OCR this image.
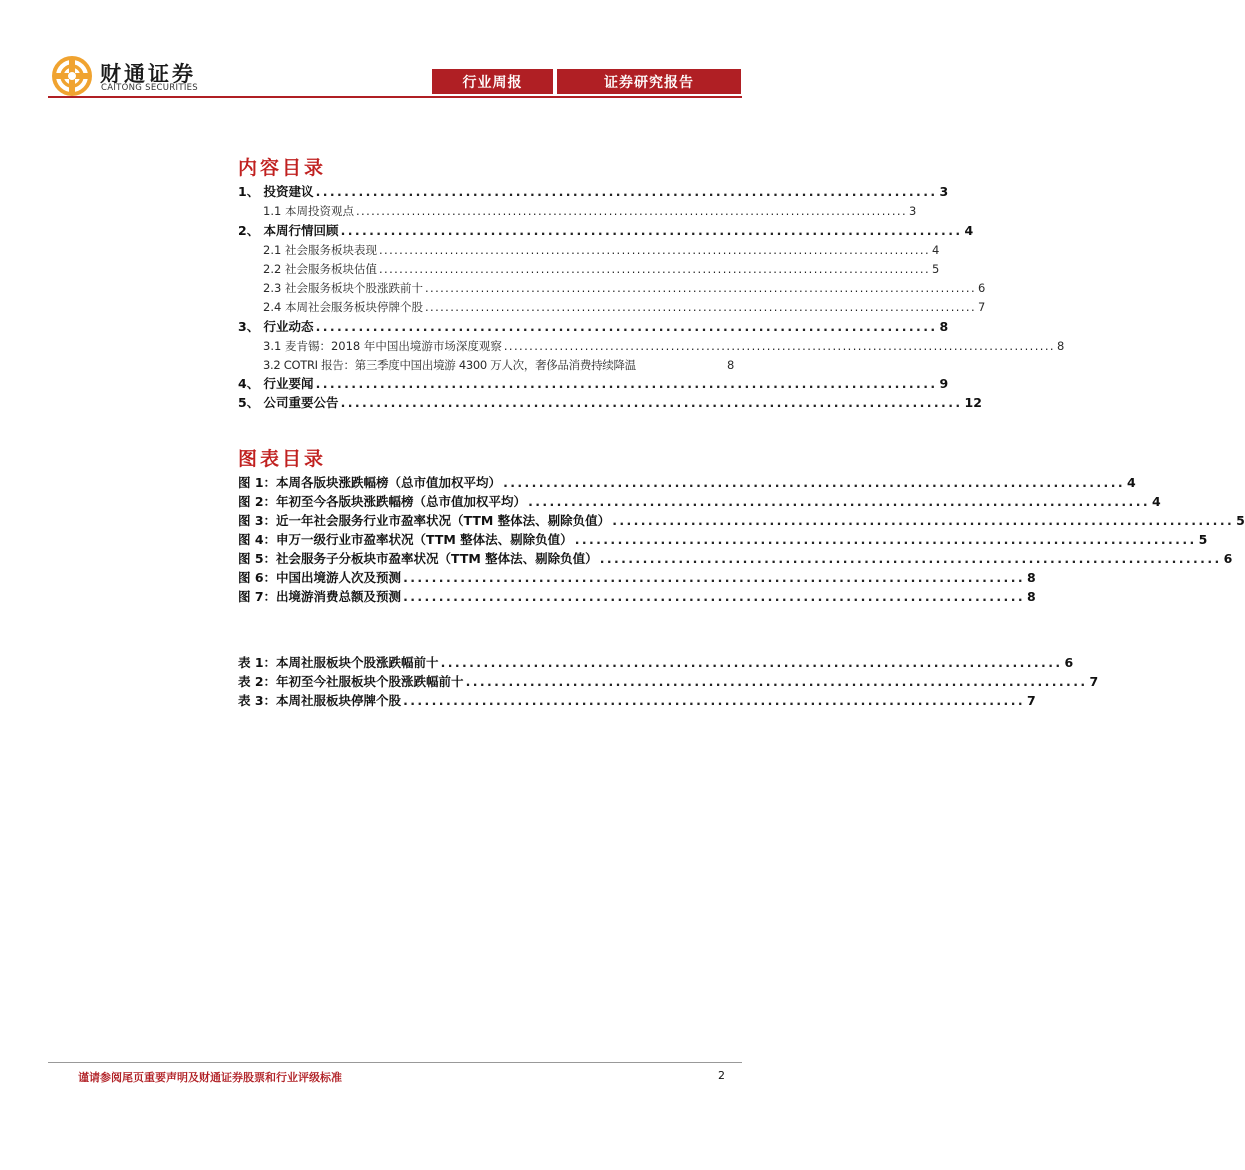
财通证券
CAITONG SECURITIES	行业周报	证券研究报告
内容目录
1、 投资建议 ....................................................................................... 3
1.1 本周投资观点 ............................................................................................................. 3
2、 本周行情回顾 ....................................................................................... 4
2.1 社会服务板块表现 ............................................................................................................. 4
2.2 社会服务板块估值 ............................................................................................................. 5
2.3 社会服务板块个股涨跌前十 ............................................................................................................. 6
2.4 本周社会服务板块停牌个股 ............................................................................................................. 7
3、 行业动态 ....................................................................................... 8
3.1 麦肯锡：2018 年中国出境游市场深度观察 ............................................................................................................. 8
3.2 COTRI 报告：第三季度中国出境游 4300 万人次，奢侈品消费持续降温	8
4、 行业要闻 ....................................................................................... 9
5、 公司重要公告 ....................................................................................... 12
图表目录
图 1：本周各版块涨跌幅榜（总市值加权平均） ....................................................................................... 4
图 2：年初至今各版块涨跌幅榜（总市值加权平均） ....................................................................................... 4
图 3：近一年社会服务行业市盈率状况（TTM 整体法、剔除负值） ....................................................................................... 5
图 4：申万一级行业市盈率状况（TTM 整体法、剔除负值） ....................................................................................... 5
图 5：社会服务子分板块市盈率状况（TTM 整体法、剔除负值） ....................................................................................... 6
图 6：中国出境游人次及预测 ....................................................................................... 8
图 7：出境游消费总额及预测 ....................................................................................... 8
表 1：本周社服板块个股涨跌幅前十 ....................................................................................... 6
表 2：年初至今社服板块个股涨跌幅前十 ....................................................................................... 7
表 3：本周社服板块停牌个股 ....................................................................................... 7
谨请参阅尾页重要声明及财通证券股票和行业评级标准	2
